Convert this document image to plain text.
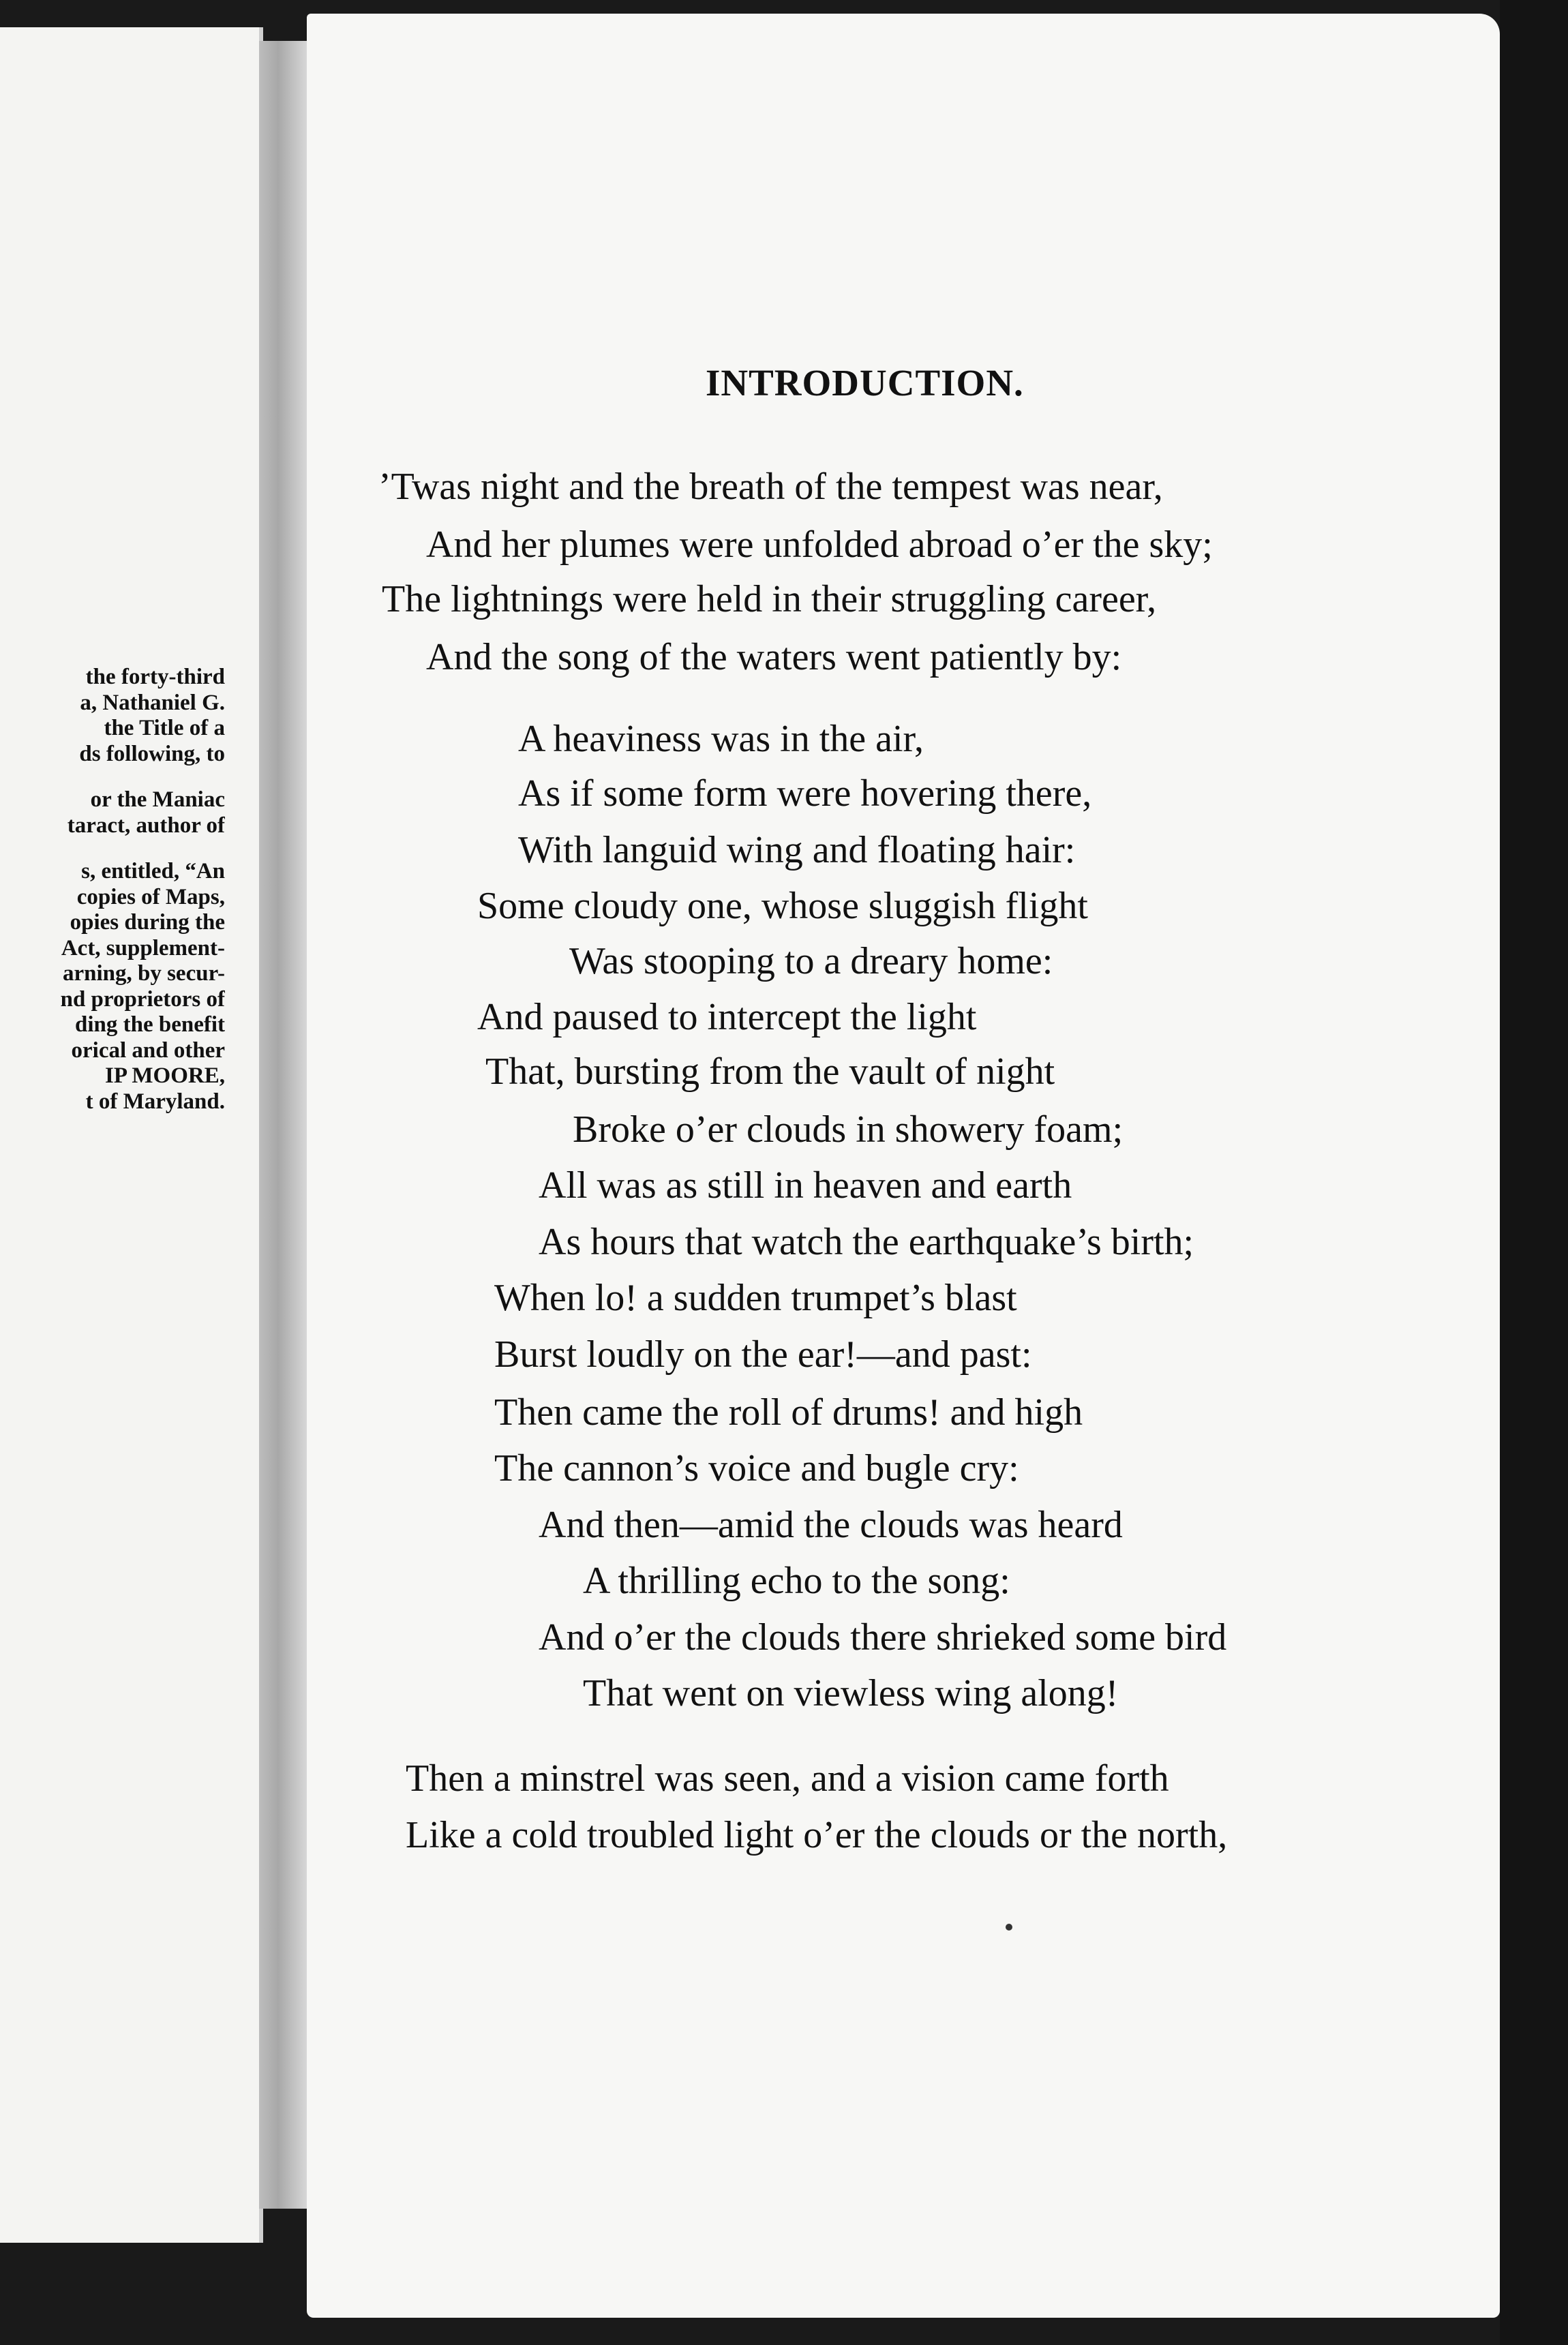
the forty-third
a, Nathaniel G.
the Title of a
ds following, to
or the Maniac
taract, author of
s, entitled, “An
copies of Maps,
opies during the
Act, supplement-
arning, by secur-
nd proprietors of
ding the benefit
orical and other
IP MOORE,
t of Maryland.
INTRODUCTION.
’Twas night and the breath of the tempest was near,
And her plumes were unfolded abroad o’er the sky;
The lightnings were held in their struggling career,
And the song of the waters went patiently by:
A heaviness was in the air,
As if some form were hovering there,
With languid wing and floating hair:
Some cloudy one, whose sluggish flight
Was stooping to a dreary home:
And paused to intercept the light
That, bursting from the vault of night
Broke o’er clouds in showery foam;
All was as still in heaven and earth
As hours that watch the earthquake’s birth;
When lo! a sudden trumpet’s blast
Burst loudly on the ear!—and past:
Then came the roll of drums! and high
The cannon’s voice and bugle cry:
And then—amid the clouds was heard
A thrilling echo to the song:
And o’er the clouds there shrieked some bird
That went on viewless wing along!
Then a minstrel was seen, and a vision came forth
Like a cold troubled light o’er the clouds or the north,
